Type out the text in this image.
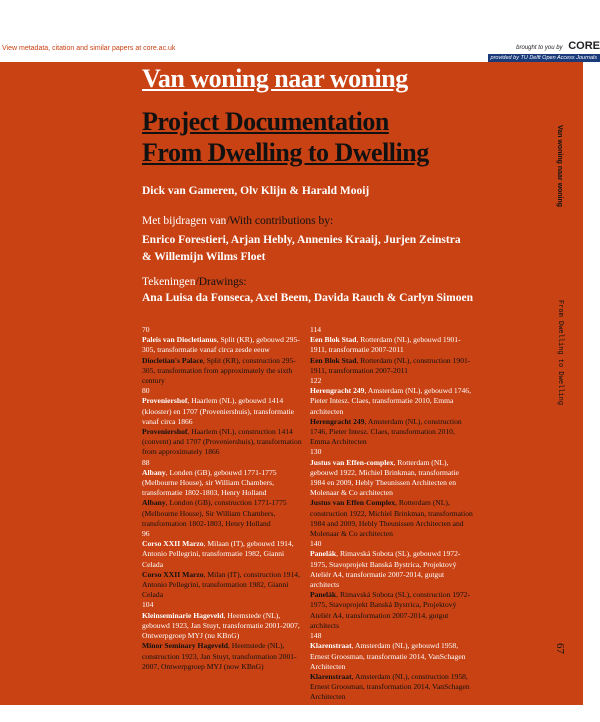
View metadata, citation and similar papers at core.ac.uk	brought to you by CORE
provided by TU Delft Open Access Journals
Van woning naar woning
Project Documentation
From Dwelling to Dwelling
Dick van Gameren, Olv Klijn & Harald Mooij
Met bijdragen van/With contributions by:
Enrico Forestieri, Arjan Hebly, Annenies Kraaij, Jurjen Zeinstra & Willemijn Wilms Floet
Tekeningen/Drawings:
Ana Luisa da Fonseca, Axel Beem, Davida Rauch & Carlyn Simoen
70
Paleis van Diocletianus, Split (KR), gebouwd 295-305, transformatie vanaf circa zesde eeuw
Diocletian's Palace, Split (KR), construction 295-305, transformation from approximately the sixth century
80
Proveniershof, Haarlem (NL), gebouwd 1414 (klooster) en 1707 (Proveniershuis), transformatie vanaf circa 1866
Proveniershof, Haarlem (NL), construction 1414 (convent) and 1707 (Proveniershuis), transformation from approximately 1866
88
Albany, Londen (GB), gebouwd 1771-1775 (Melbourne House), sir William Chambers, transformatie 1802-1803, Henry Holland
Albany, London (GB), construction 1771-1775 (Melbourne House), Sir William Chambers, transformation 1802-1803, Henry Holland
96
Corso XXII Marzo, Milaan (IT), gebouwd 1914, Antonio Pellegrini, transformatie 1982, Gianni Celada
Corso XXII Marzo, Milan (IT), construction 1914, Antonio Pellegrini, transformation 1982, Gianni Celada
104
Kleinseminarie Hageveld, Heemstede (NL), gebouwd 1923, Jan Stuyt, transformatie 2001-2007, Ontwerpgroep MYJ (nu KBnG)
Minor Seminary Hageveld, Heemstede (NL), construction 1923, Jan Stuyt, transformation 2001-2007, Ontwerpgroep MYJ (now KBnG)
114
Een Blok Stad, Rotterdam (NL), gebouwd 1901-1911, transformatie 2007-2011
Een Blok Stad, Rotterdam (NL), construction 1901-1911, transformation 2007-2011
122
Herengracht 249, Amsterdam (NL), gebouwd 1746, Pieter Intesz. Claes, transformatie 2010, Emma architecten
Herengracht 249, Amsterdam (NL), construction 1746, Pieter Intesz. Claes, transformation 2010, Emma Architecten
130
Justus van Effen-complex, Rotterdam (NL), gebouwd 1922, Michiel Brinkman, transformatie 1984 en 2009, Hebly Theunissen Architecten en Molenaar & Co architecten
Justus van Effen Complex, Rotterdam (NL), construction 1922, Michiel Brinkman, transformation 1984 and 2009, Hebly Theunissen Architecten and Molenaar & Co architecten
140
Panelák, Rimavská Sobota (SL), gebouwd 1972-1975, Stavoprojekt Banská Bystrica, Projektový Ateliér A4, transformatie 2007-2014, gutgut architects
Panelák, Rimavská Sobota (SL), construction 1972-1975, Stavoprojekt Banská Bystrica, Projektový Ateliér A4, transformation 2007-2014, gutgut architects
148
Klarenstraat, Amsterdam (NL), gebouwd 1958, Ernest Groosman, transformatie 2014, VanSchagen Architecten
Klarenstraat, Amsterdam (NL), construction 1958, Ernest Groosman, transformation 2014, VanSchagen Architecten
Van woning naar woning
From Dwelling to Dwelling
67
